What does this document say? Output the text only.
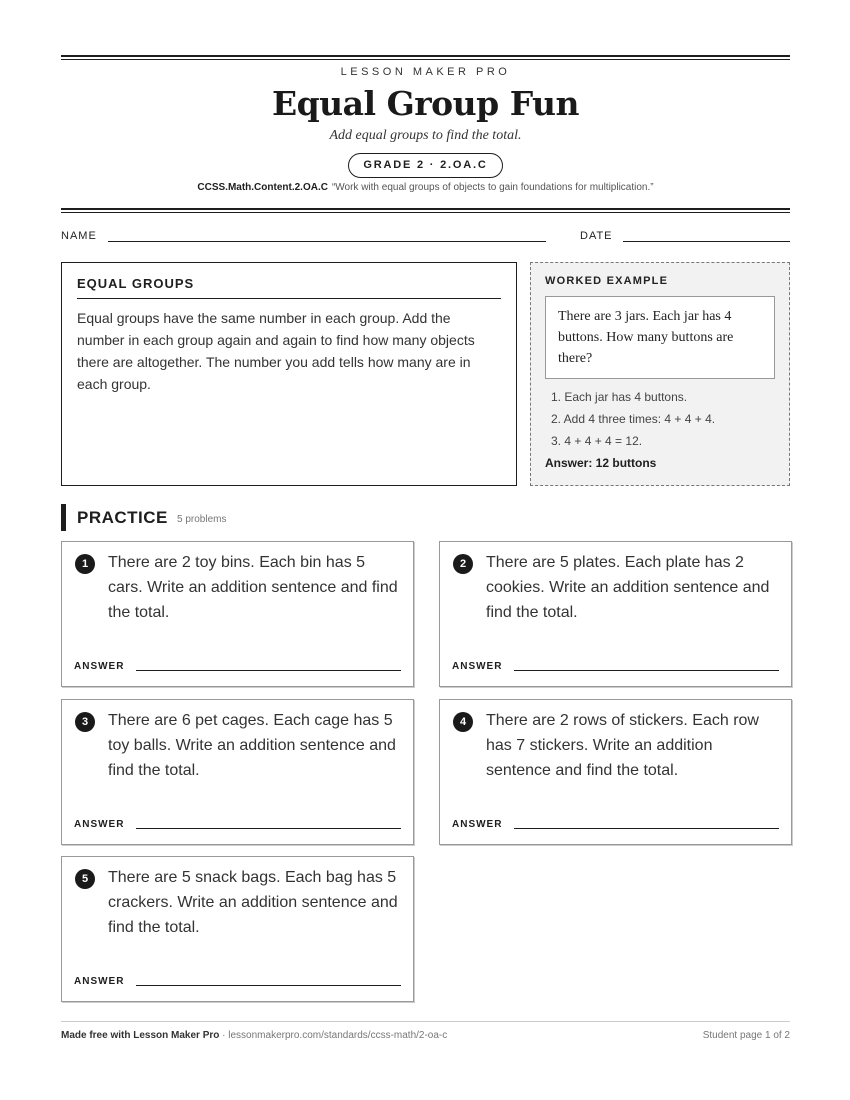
LESSON MAKER PRO
Equal Group Fun
Add equal groups to find the total.
GRADE 2 · 2.OA.C
CCSS.Math.Content.2.OA.C “Work with equal groups of objects to gain foundations for multiplication.”
NAME	DATE
EQUAL GROUPS

Equal groups have the same number in each group. Add the number in each group again and again to find how many objects there are altogether. The number you add tells how many are in each group.

WORKED EXAMPLE
There are 3 jars. Each jar has 4 buttons. How many buttons are there?
1. Each jar has 4 buttons.
2. Add 4 three times: 4 + 4 + 4.
3. 4 + 4 + 4 = 12.
Answer: 12 buttons
PRACTICE 5 problems
1	There are 2 toy bins. Each bin has 5 cars. Write an addition sentence and find the total.
ANSWER
2	There are 5 plates. Each plate has 2 cookies. Write an addition sentence and find the total.
ANSWER
3	There are 6 pet cages. Each cage has 5 toy balls. Write an addition sentence and find the total.
ANSWER
4	There are 2 rows of stickers. Each row has 7 stickers. Write an addition sentence and find the total.
ANSWER
5	There are 5 snack bags. Each bag has 5 crackers. Write an addition sentence and find the total.
ANSWER
Made free with Lesson Maker Pro · lessonmakerpro.com/standards/ccss-math/2-oa-c	Student page 1 of 2
